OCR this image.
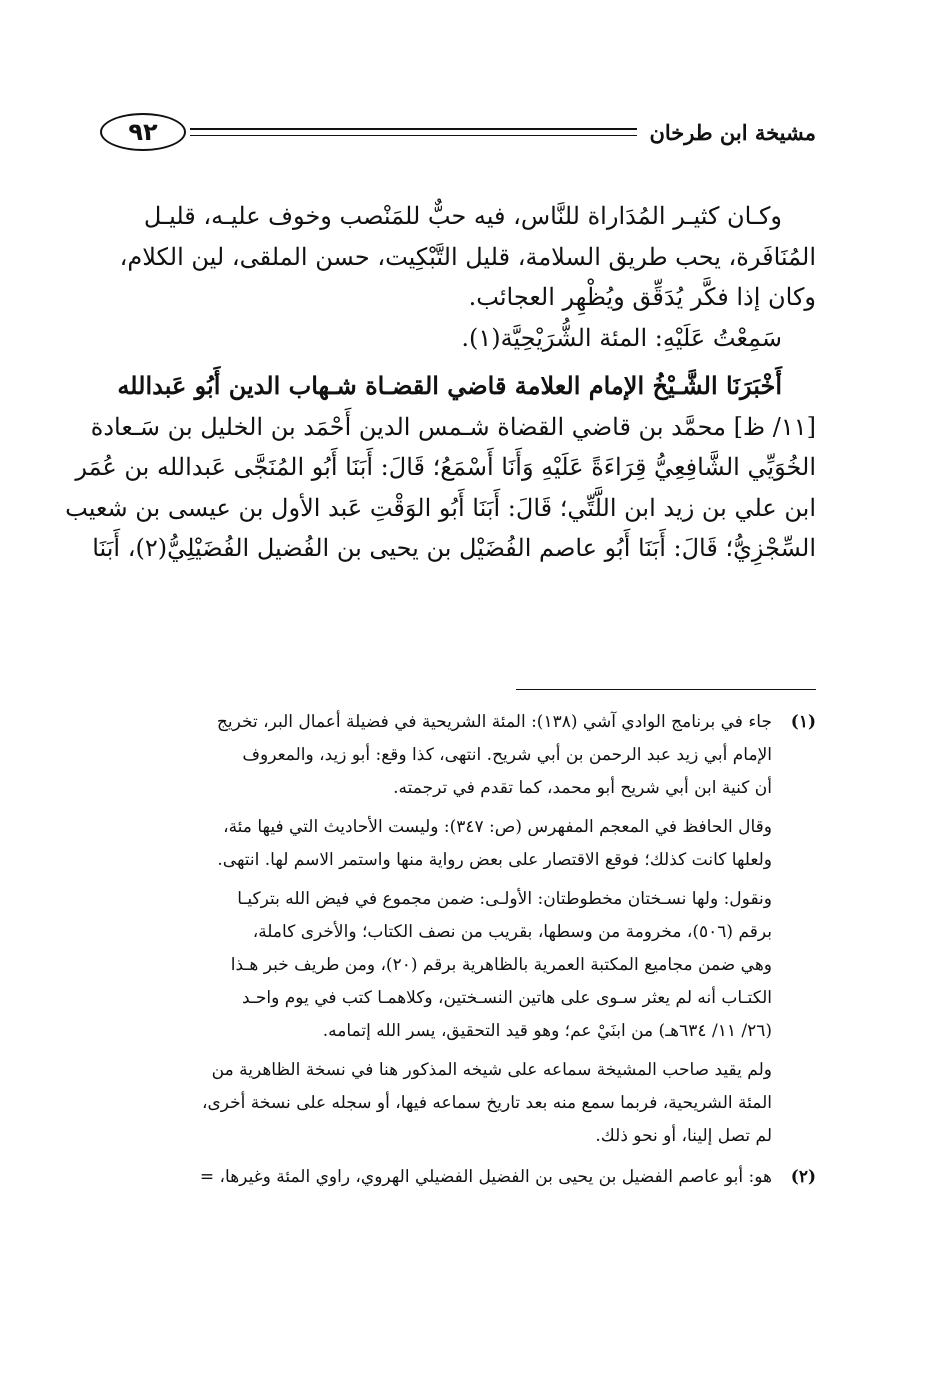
مشيخة ابن طرخان
٩٢

وكـان كثيـر المُدَاراة للنَّاس، فيه حبٌّ للمَنْصب وخوف عليـه، قليـل
المُنَافَرة، يحب طريق السلامة، قليل التَّبْكِيت، حسن الملقى، لين الكلام،
وكان إذا فكَّر يُدَقِّق ويُظْهِر العجائب.

سَمِعْتُ عَلَيْهِ: المئة الشُّرَيْحِيَّة(١).

أَخْبَرَنَا الشَّـيْخُ الإمام العلامة قاضي القضـاة شـهاب الدين أَبُو عَبدالله
[١١/ ظ] محمَّد بن قاضي القضاة شـمس الدين أَحْمَد بن الخليل بن سَـعادة
الخُوَيِّي الشَّافِعِيُّ قِرَاءَةً عَلَيْهِ وَأَنَا أَسْمَعُ؛ قَالَ: أَبَنَا أَبُو المُنَجَّى عَبدالله بن عُمَر
ابن علي بن زيد ابن اللَّتِّي؛ قَالَ: أَبَنَا أَبُو الوَقْتِ عَبد الأول بن عيسى بن شعيب
السِّجْزِيُّ؛ قَالَ: أَبَنَا أَبُو عاصم الفُضَيْل بن يحيى بن الفُضيل الفُضَيْلِيُّ(٢)، أَبَنَا

(١)

جاء في برنامج الوادي آشي (١٣٨): المئة الشريحية في فضيلة أعمال البر، تخريج
الإمام أبي زيد عبد الرحمن بن أبي شريح. انتهى، كذا وقع: أبو زيد، والمعروف
أن كنية ابن أبي شريح أبو محمد، كما تقدم في ترجمته.

وقال الحافظ في المعجم المفهرس (ص: ٣٤٧): وليست الأحاديث التي فيها مئة،
ولعلها كانت كذلك؛ فوقع الاقتصار على بعض رواية منها واستمر الاسم لها. انتهى.

ونقول: ولها نسـختان مخطوطتان: الأولـى: ضمن مجموع في فيض الله بتركيـا
برقم (٥٠٦)، مخرومة من وسطها، بقريب من نصف الكتاب؛ والأخرى كاملة،
وهي ضمن مجاميع المكتبة العمرية بالظاهرية برقم (٢٠)، ومن طريف خبر هـذا
الكتـاب أنه لم يعثر سـوى على هاتين النسـختين، وكلاهمـا كتب في يوم واحـد
(٢٦/ ١١/ ٦٣٤هـ) من ابنَيْ عم؛ وهو قيد التحقيق، يسر الله إتمامه.

ولم يقيد صاحب المشيخة سماعه على شيخه المذكور هنا في نسخة الظاهرية من
المئة الشريحية، فربما سمع منه بعد تاريخ سماعه فيها، أو سجله على نسخة أخرى،
لم تصل إلينا، أو نحو ذلك.

(٢)

هو: أبو عاصم الفضيل بن يحيى بن الفضيل الفضيلي الهروي، راوي المئة وغيرها، =
